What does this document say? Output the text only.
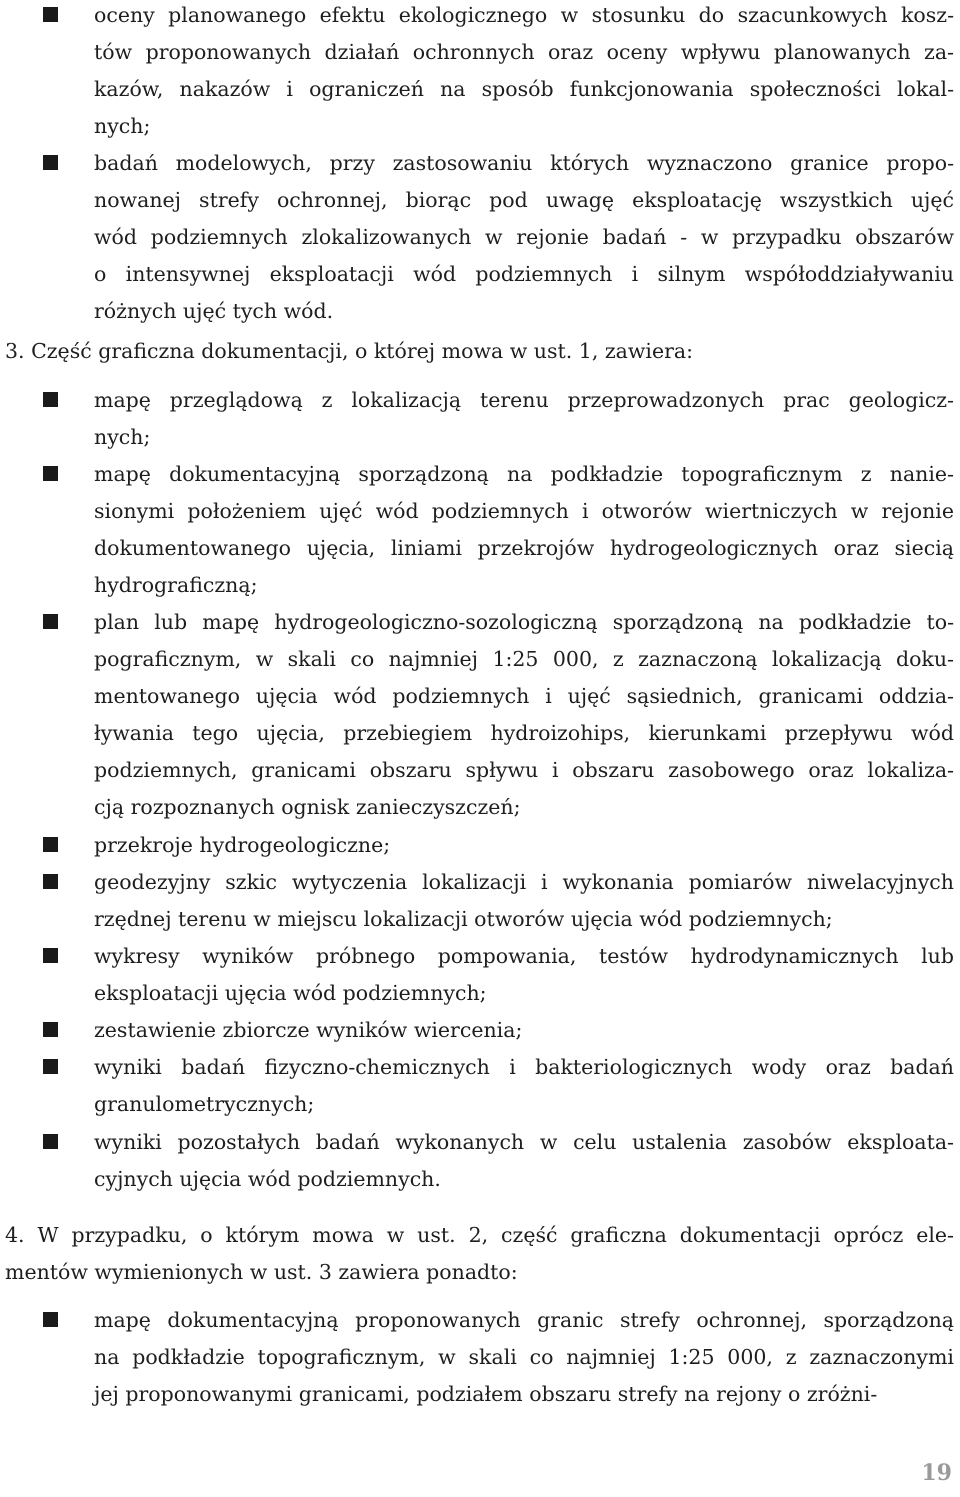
oceny planowanego efektu ekologicznego w stosunku do szacunkowych kosz-
tów proponowanych działań ochronnych oraz oceny wpływu planowanych za-
kazów, nakazów i ograniczeń na sposób funkcjonowania społeczności lokal-
nych;
badań modelowych, przy zastosowaniu których wyznaczono granice propo-
nowanej strefy ochronnej, biorąc pod uwagę eksploatację wszystkich ujęć
wód podziemnych zlokalizowanych w rejonie badań - w przypadku obszarów
o intensywnej eksploatacji wód podziemnych i silnym współoddziaływaniu
różnych ujęć tych wód.
3. Część graficzna dokumentacji, o której mowa w ust. 1, zawiera:
mapę przeglądową z lokalizacją terenu przeprowadzonych prac geologicz-
nych;
mapę dokumentacyjną sporządzoną na podkładzie topograficznym z nanie-
sionymi położeniem ujęć wód podziemnych i otworów wiertniczych w rejonie
dokumentowanego ujęcia, liniami przekrojów hydrogeologicznych oraz siecią
hydrograficzną;
plan lub mapę hydrogeologiczno-sozologiczną sporządzoną na podkładzie to-
pograficznym, w skali co najmniej 1:25 000, z zaznaczoną lokalizacją doku-
mentowanego ujęcia wód podziemnych i ujęć sąsiednich, granicami oddzia-
ływania tego ujęcia, przebiegiem hydroizohips, kierunkami przepływu wód
podziemnych, granicami obszaru spływu i obszaru zasobowego oraz lokaliza-
cją rozpoznanych ognisk zanieczyszczeń;
przekroje hydrogeologiczne;
geodezyjny szkic wytyczenia lokalizacji i wykonania pomiarów niwelacyjnych
rzędnej terenu w miejscu lokalizacji otworów ujęcia wód podziemnych;
wykresy wyników próbnego pompowania, testów hydrodynamicznych lub
eksploatacji ujęcia wód podziemnych;
zestawienie zbiorcze wyników wiercenia;
wyniki badań fizyczno-chemicznych i bakteriologicznych wody oraz badań
granulometrycznych;
wyniki pozostałych badań wykonanych w celu ustalenia zasobów eksploata-
cyjnych ujęcia wód podziemnych.
4. W przypadku, o którym mowa w ust. 2, część graficzna dokumentacji oprócz ele-
mentów wymienionych w ust. 3 zawiera ponadto:
mapę dokumentacyjną proponowanych granic strefy ochronnej, sporządzoną
na podkładzie topograficznym, w skali co najmniej 1:25 000, z zaznaczonymi
jej proponowanymi granicami, podziałem obszaru strefy na rejony o zróżni-
19
